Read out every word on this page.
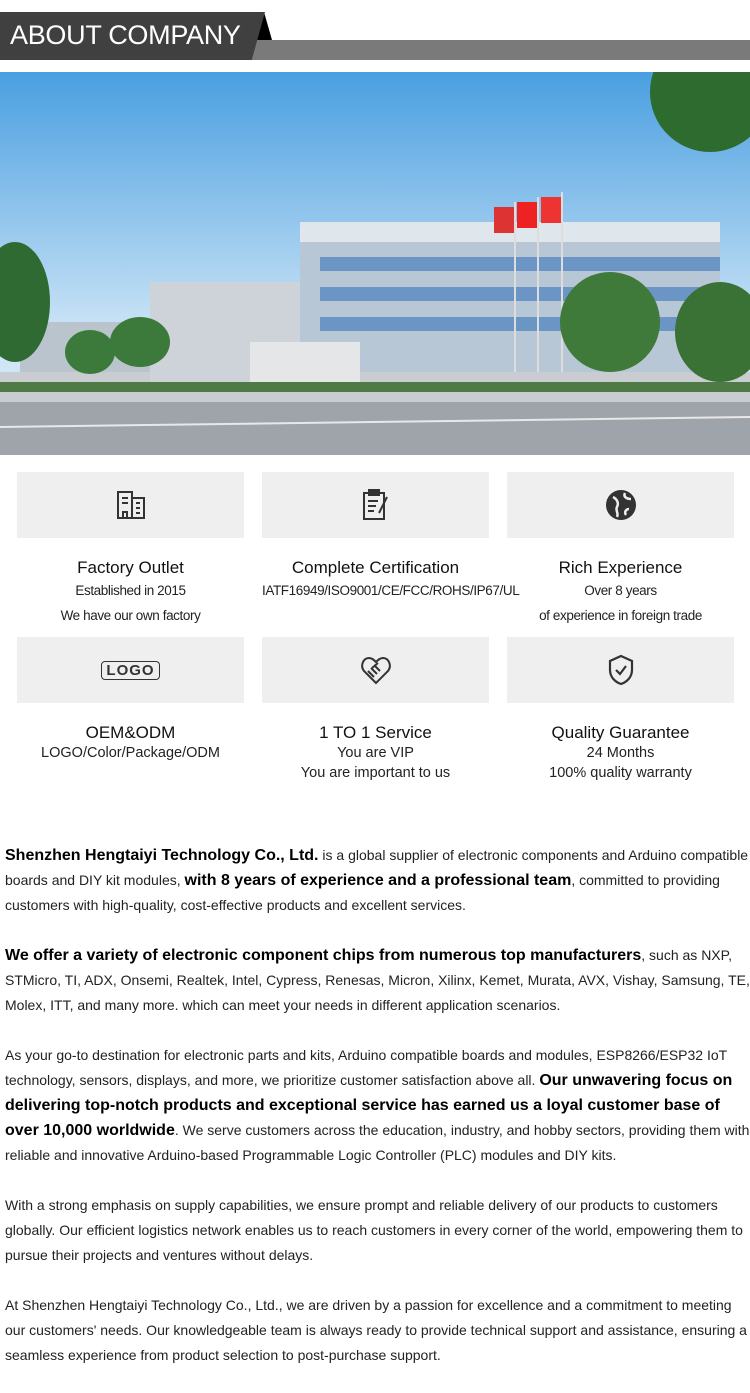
ABOUT COMPANY
Factory Outlet
Established in 2015
We have our own factory
Complete Certification
IATF16949/ISO9001/CE/FCC/ROHS/IP67/UL
Rich Experience
Over 8 years
of experience in foreign trade
LOGO
OEM&ODM
LOGO/Color/Package/ODM
1 TO 1 Service
You are VIP
You are important to us
Quality Guarantee
24 Months
100% quality warranty

Shenzhen Hengtaiyi Technology Co., Ltd. is a global supplier of electronic components and Arduino compatible boards and DIY kit modules, with 8 years of experience and a professional team, committed to providing customers with high-quality, cost-effective products and excellent services.

We offer a variety of electronic component chips from numerous top manufacturers, such as NXP, STMicro, TI, ADX, Onsemi, Realtek, Intel, Cypress, Renesas, Micron, Xilinx, Kemet, Murata, AVX, Vishay, Samsung, TE, Molex, ITT, and many more. which can meet your needs in different application scenarios.

As your go-to destination for electronic parts and kits, Arduino compatible boards and modules, ESP8266/ESP32 IoT technology, sensors, displays, and more, we prioritize customer satisfaction above all. Our unwavering focus on delivering top-notch products and exceptional service has earned us a loyal customer base of over 10,000 worldwide. We serve customers across the education, industry, and hobby sectors, providing them with reliable and innovative Arduino-based Programmable Logic Controller (PLC) modules and DIY kits.

With a strong emphasis on supply capabilities, we ensure prompt and reliable delivery of our products to customers globally. Our efficient logistics network enables us to reach customers in every corner of the world, empowering them to pursue their projects and ventures without delays.

At Shenzhen Hengtaiyi Technology Co., Ltd., we are driven by a passion for excellence and a commitment to meeting our customers' needs. Our knowledgeable team is always ready to provide technical support and assistance, ensuring a seamless experience from product selection to post-purchase support.
